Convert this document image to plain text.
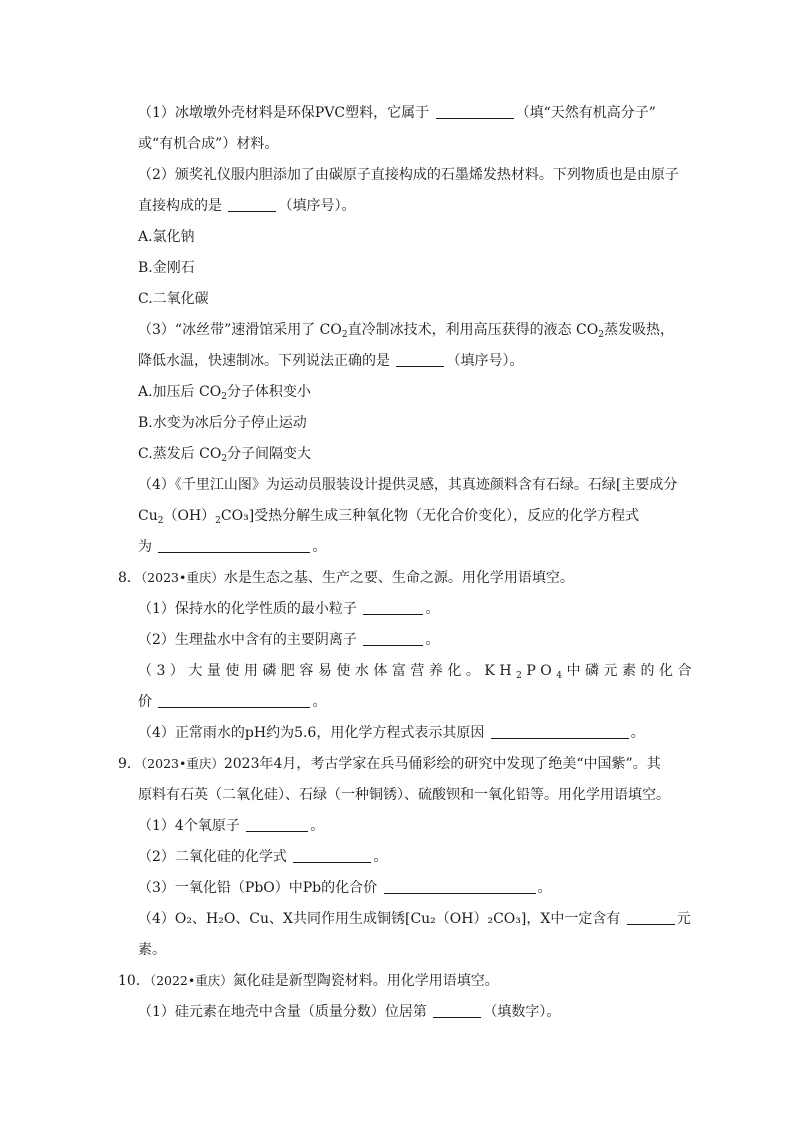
（1）冰墩墩外壳材料是环保PVC塑料，它属于	（填“天然有机高分子”
或“有机合成”）材料。
（2）颁奖礼仪服内胆添加了由碳原子直接构成的石墨烯发热材料。下列物质也是由原子
直接构成的是	（填序号）。
A.氯化钠
B.金刚石
C.二氧化碳
（3）“冰丝带”速滑馆采用了 $CO_2$直冷制冰技术，利用高压获得的液态 $CO_2$蒸发吸热，
降低水温，快速制冰。下列说法正确的是	（填序号）。
A.加压后 $CO_2$分子体积变小
B.水变为冰后分子停止运动
C.蒸发后 $CO_2$分子间隔变大
（4）《千里江山图》为运动员服装设计提供灵感，其真迹颜料含有石绿。石绿[主要成分
$Cu_2(OH)_2CO_3$]受热分解生成三种氧化物（无化合价变化），反应的化学方程式
为	。
8．（2023•重庆）水是生态之基、生产之要、生命之源。用化学用语填空。
（1）保持水的化学性质的最小粒子	。
（2）生理盐水中含有的主要阴离子	。
（3）大量使用磷肥容易使水体富营养化。$KH_2PO_4$中磷元素的化合
价	。
（4）正常雨水的pH约为5.6，用化学方程式表示其原因	。
9．（2023•重庆）2023年4月，考古学家在兵马俑彩绘的研究中发现了绝美“中国紫”。其
原料有石英（二氧化硅）、石绿（一种铜锈）、硫酸钡和一氧化铅等。用化学用语填空。
（1）4个氧原子	。
（2）二氧化硅的化学式	。
（3）一氧化铅（PbO）中Pb的化合价	。
（4）O₂、H₂O、Cu、X共同作用生成铜锈[Cu₂（OH）₂CO₃]，X中一定含有	元
素。
10．（2022•重庆）氮化硅是新型陶瓷材料。用化学用语填空。
（1）硅元素在地壳中含量（质量分数）位居第	（填数字）。
